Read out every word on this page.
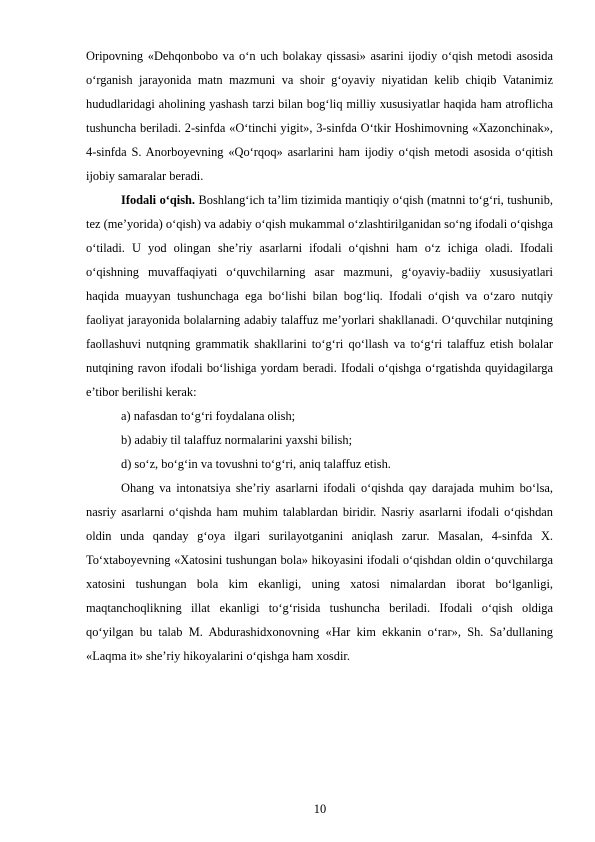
Oripovning «Dehqonbobo va o‘n uch bolakay qissasi» asarini ijodiy o‘qish metodi asosida o‘rganish jarayonida matn mazmuni va shoir g‘oyaviy niyatidan kelib chiqib Vatanimiz hududlaridagi aholining yashash tarzi bilan bog‘liq milliy xususiyatlar haqida ham atroflicha tushuncha beriladi. 2-sinfda «O‘tinchi yigit», 3-sinfda O‘tkir Hoshimovning «Xazonchinak», 4-sinfda S. Anorboyevning «Qo‘rqoq» asarlarini ham ijodiy o‘qish metodi asosida o‘qitish ijobiy samaralar beradi.

Ifodali o‘qish. Boshlang‘ich ta’lim tizimida mantiqiy o‘qish (matnni to‘g‘ri, tushunib, tez (me’yorida) o‘qish) va adabiy o‘qish mukammal o‘zlashtirilganidan so‘ng ifodali o‘qishga o‘tiladi. U yod olingan she’riy asarlarni ifodali o‘qishni ham o‘z ichiga oladi. Ifodali o‘qishning muvaffaqiyati o‘quvchilarning asar mazmuni, g‘oyaviy-badiiy xususiyatlari haqida muayyan tushunchaga ega bo‘lishi bilan bog‘liq. Ifodali o‘qish va o‘zaro nutqiy faoliyat jarayonida bolalarning adabiy talaffuz me’yorlari shakllanadi. O‘quvchilar nutqining faollashuvi nutqning grammatik shakllarini to‘g‘ri qo‘llash va to‘g‘ri talaffuz etish bolalar nutqining ravon ifodali bo‘lishiga yordam beradi. Ifodali o‘qishga o‘rgatishda quyidagilarga e’tibor berilishi kerak:

a) nafasdan to‘g‘ri foydalana olish;

b) adabiy til talaffuz normalarini yaxshi bilish;

d) so‘z, bo‘g‘in va tovushni to‘g‘ri, aniq talaffuz etish.

Ohang va intonatsiya she’riy asarlarni ifodali o‘qishda qay darajada muhim bo‘lsa, nasriy asarlarni o‘qishda ham muhim talablardan biridir. Nasriy asarlarni ifodali o‘qishdan oldin unda qanday g‘oya ilgari surilayotganini aniqlash zarur. Masalan, 4-sinfda X. To‘xtaboyevning «Xatosini tushungan bola» hikoyasini ifodali o‘qishdan oldin o‘quvchilarga xatosini tushungan bola kim ekanligi, uning xatosi nimalardan iborat bo‘lganligi, maqtanchoqlikning illat ekanligi to‘g‘risida tushuncha beriladi. Ifodali o‘qish oldiga qo‘yilgan bu talab M. Abdurashidxonovning «Har kim ekkanin o‘rar», Sh. Sa’dullaning «Laqma it» she’riy hikoyalarini o‘qishga ham xosdir.

10
